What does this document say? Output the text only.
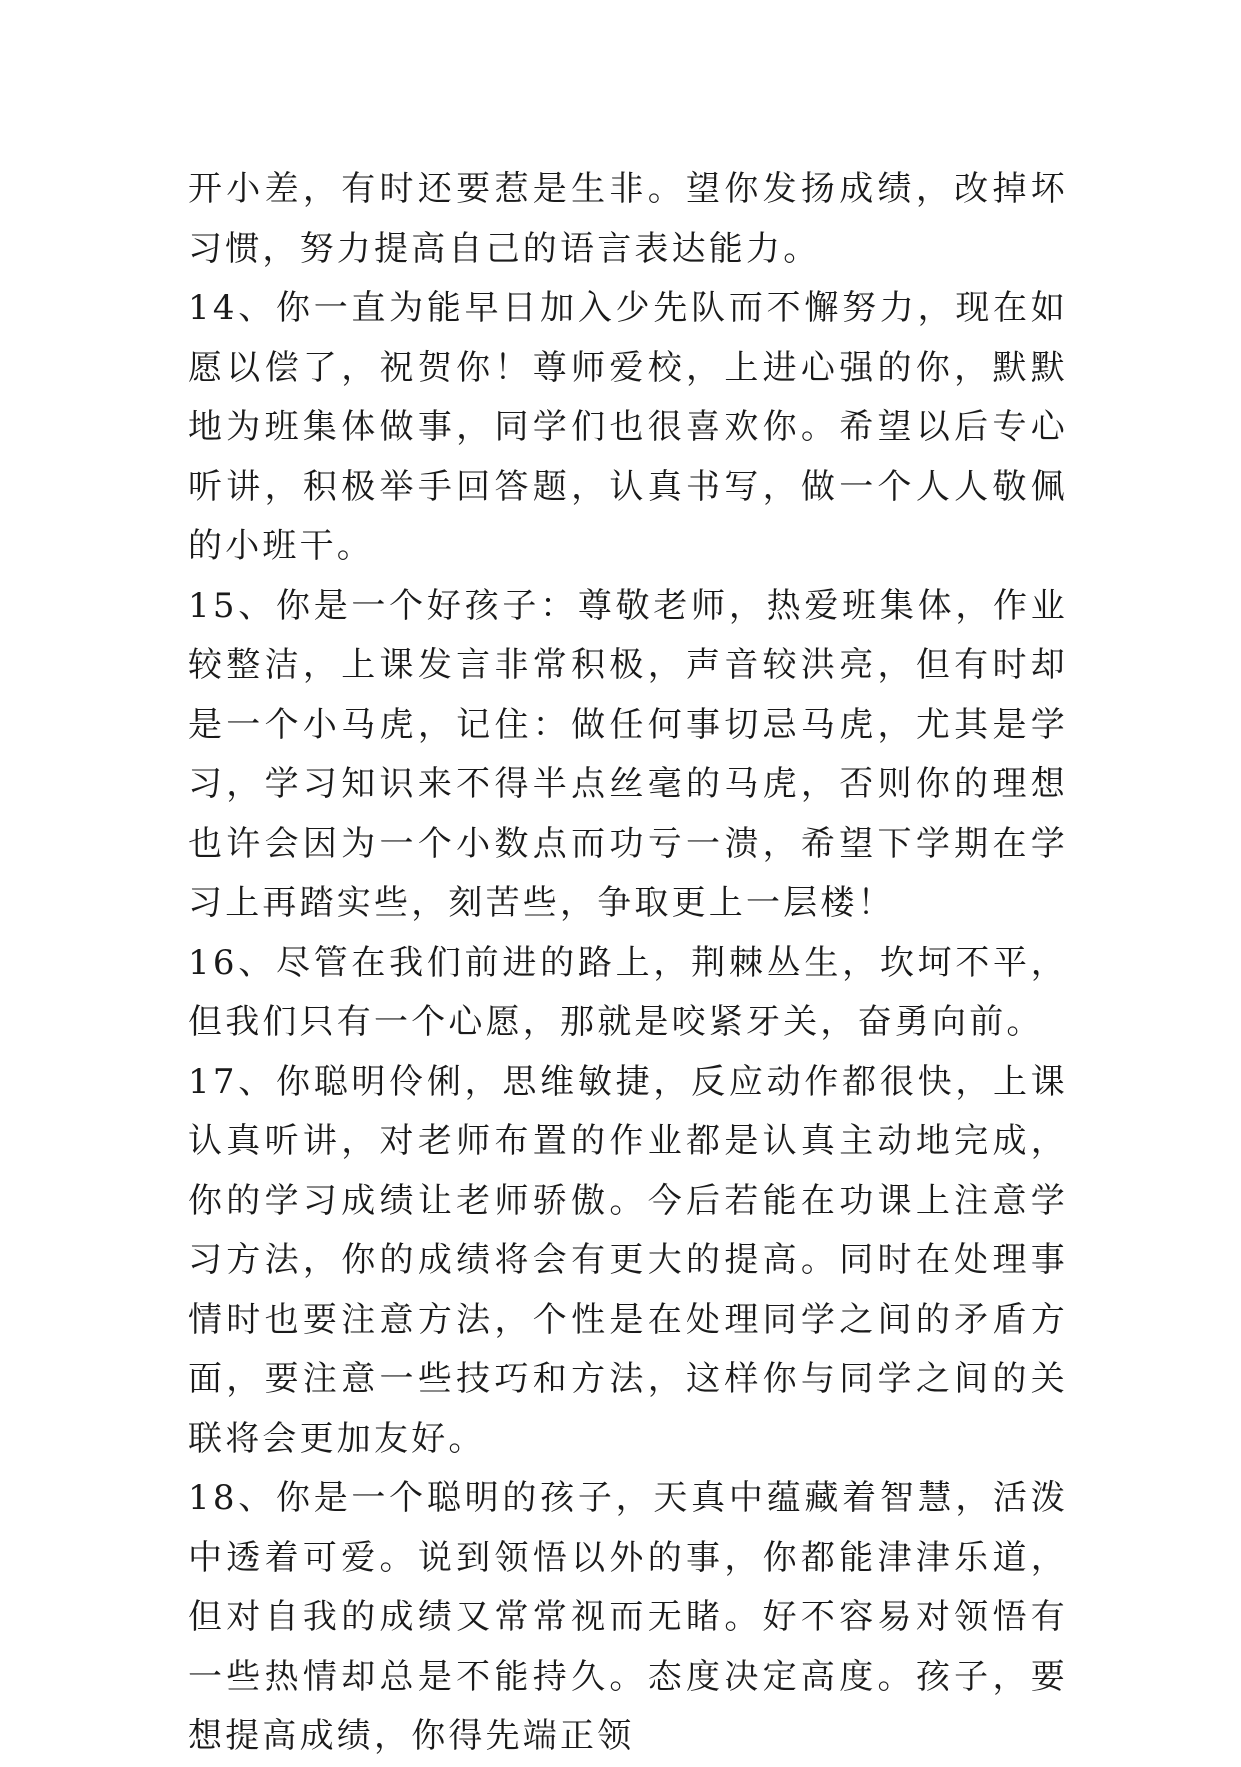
开小差，有时还要惹是生非。望你发扬成绩，改掉坏习惯，努力提高自己的语言表达能力。

14、你一直为能早日加入少先队而不懈努力，现在如愿以偿了，祝贺你！尊师爱校，上进心强的你，默默地为班集体做事，同学们也很喜欢你。希望以后专心听讲，积极举手回答题，认真书写，做一个人人敬佩的小班干。

15、你是一个好孩子：尊敬老师，热爱班集体，作业较整洁，上课发言非常积极，声音较洪亮，但有时却是一个小马虎，记住：做任何事切忌马虎，尤其是学习，学习知识来不得半点丝毫的马虎，否则你的理想也许会因为一个小数点而功亏一溃，希望下学期在学习上再踏实些，刻苦些，争取更上一层楼！

16、尽管在我们前进的路上，荆棘丛生，坎坷不平，但我们只有一个心愿，那就是咬紧牙关，奋勇向前。

17、你聪明伶俐，思维敏捷，反应动作都很快，上课认真听讲，对老师布置的作业都是认真主动地完成，你的学习成绩让老师骄傲。今后若能在功课上注意学习方法，你的成绩将会有更大的提高。同时在处理事情时也要注意方法，个性是在处理同学之间的矛盾方面，要注意一些技巧和方法，这样你与同学之间的关联将会更加友好。

18、你是一个聪明的孩子，天真中蕴藏着智慧，活泼中透着可爱。说到领悟以外的事，你都能津津乐道，但对自我的成绩又常常视而无睹。好不容易对领悟有一些热情却总是不能持久。态度决定高度。孩子，要想提高成绩，你得先端正领
